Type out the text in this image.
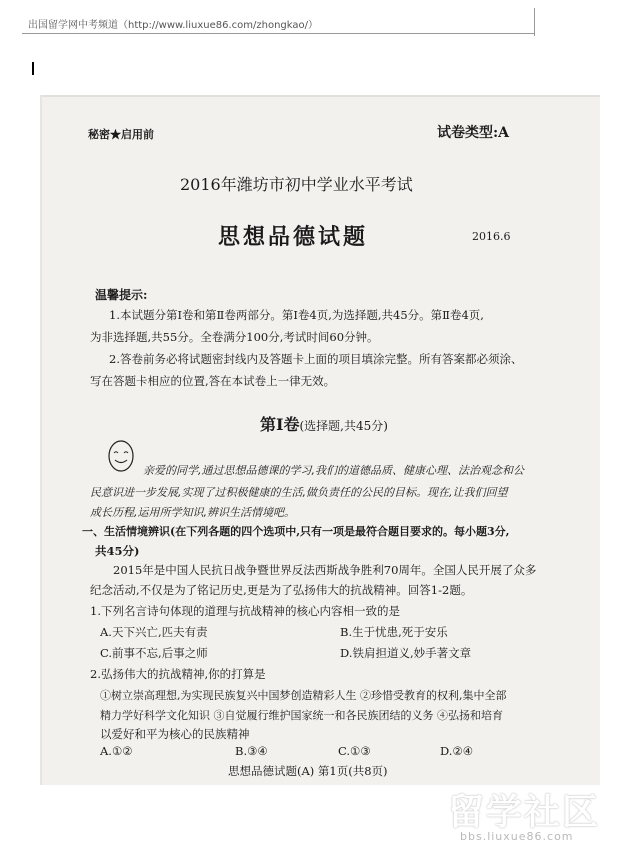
出国留学网中考频道（http://www.liuxue86.com/zhongkao/）
秘密★启用前	试卷类型:A
2016年潍坊市初中学业水平考试
思想品德试题	2016.6
温馨提示:
1.本试题分第Ⅰ卷和第Ⅱ卷两部分。第Ⅰ卷4页,为选择题,共45分。第Ⅱ卷4页,
为非选择题,共55分。全卷满分100分,考试时间60分钟。
2.答卷前务必将试题密封线内及答题卡上面的项目填涂完整。所有答案都必须涂、
写在答题卡相应的位置,答在本试卷上一律无效。
第Ⅰ卷(选择题,共45分)
亲爱的同学,通过思想品德课的学习,我们的道德品质、健康心理、法治观念和公
民意识进一步发展,实现了过积极健康的生活,做负责任的公民的目标。现在,让我们回望
成长历程,运用所学知识,辨识生活情境吧。
一、生活情境辨识(在下列各题的四个选项中,只有一项是最符合题目要求的。每小题3分,
共45分)
2015年是中国人民抗日战争暨世界反法西斯战争胜利70周年。全国人民开展了众多
纪念活动,不仅是为了铭记历史,更是为了弘扬伟大的抗战精神。回答1-2题。
1.下列名言诗句体现的道理与抗战精神的核心内容相一致的是
A.天下兴亡,匹夫有责	B.生于忧患,死于安乐
C.前事不忘,后事之师	D.铁肩担道义,妙手著文章
2.弘扬伟大的抗战精神,你的打算是
①树立崇高理想,为实现民族复兴中国梦创造精彩人生 ②珍惜受教育的权利,集中全部
精力学好科学文化知识 ③自觉履行维护国家统一和各民族团结的义务 ④弘扬和培育
以爱好和平为核心的民族精神
A.①②	B.③④	C.①③	D.②④
思想品德试题(A) 第1页(共8页)
留学社区
bbs.liuxue86.com
